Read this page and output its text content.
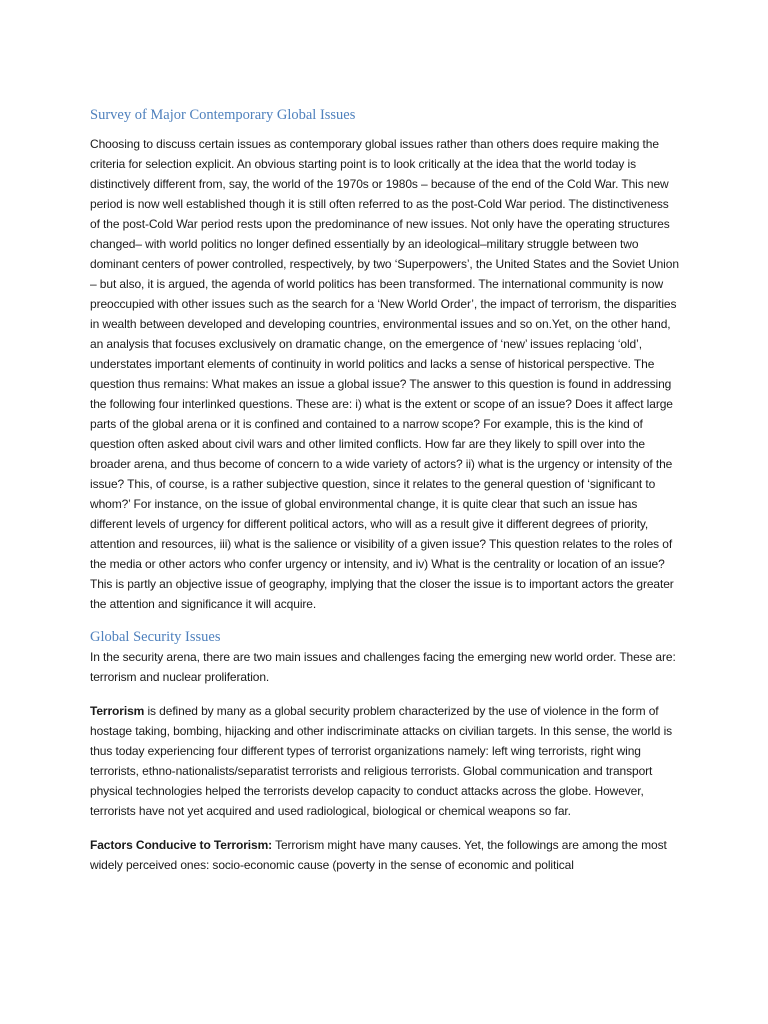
Survey of Major Contemporary Global Issues

Choosing to discuss certain issues as contemporary global issues rather than others does require making the criteria for selection explicit. An obvious starting point is to look critically at the idea that the world today is distinctively different from, say, the world of the 1970s or 1980s – because of the end of the Cold War. This new period is now well established though it is still often referred to as the post-Cold War period. The distinctiveness of the post-Cold War period rests upon the predominance of new issues. Not only have the operating structures changed– with world politics no longer defined essentially by an ideological–military struggle between two dominant centers of power controlled, respectively, by two ‘Superpowers’, the United States and the Soviet Union – but also, it is argued, the agenda of world politics has been transformed. The international community is now preoccupied with other issues such as the search for a ‘New World Order’, the impact of terrorism, the disparities in wealth between developed and developing countries, environmental issues and so on.Yet, on the other hand, an analysis that focuses exclusively on dramatic change, on the emergence of ‘new’ issues replacing ‘old’, understates important elements of continuity in world politics and lacks a sense of historical perspective. The question thus remains: What makes an issue a global issue? The answer to this question is found in addressing the following four interlinked questions. These are: i) what is the extent or scope of an issue? Does it affect large parts of the global arena or it is confined and contained to a narrow scope? For example, this is the kind of question often asked about civil wars and other limited conflicts. How far are they likely to spill over into the broader arena, and thus become of concern to a wide variety of actors? ii) what is the urgency or intensity of the issue? This, of course, is a rather subjective question, since it relates to the general question of ‘significant to whom?’ For instance, on the issue of global environmental change, it is quite clear that such an issue has different levels of urgency for different political actors, who will as a result give it different degrees of priority, attention and resources, iii) what is the salience or visibility of a given issue? This question relates to the roles of the media or other actors who confer urgency or intensity, and iv) What is the centrality or location of an issue? This is partly an objective issue of geography, implying that the closer the issue is to important actors the greater the attention and significance it will acquire.

Global Security Issues

In the security arena, there are two main issues and challenges facing the emerging new world order. These are: terrorism and nuclear proliferation.

Terrorism is defined by many as a global security problem characterized by the use of violence in the form of hostage taking, bombing, hijacking and other indiscriminate attacks on civilian targets. In this sense, the world is thus today experiencing four different types of terrorist organizations namely: left wing terrorists, right wing terrorists, ethno-nationalists/separatist terrorists and religious terrorists. Global communication and transport physical technologies helped the terrorists develop capacity to conduct attacks across the globe. However, terrorists have not yet acquired and used radiological, biological or chemical weapons so far.

Factors Conducive to Terrorism: Terrorism might have many causes. Yet, the followings are among the most widely perceived ones: socio-economic cause (poverty in the sense of economic and political
